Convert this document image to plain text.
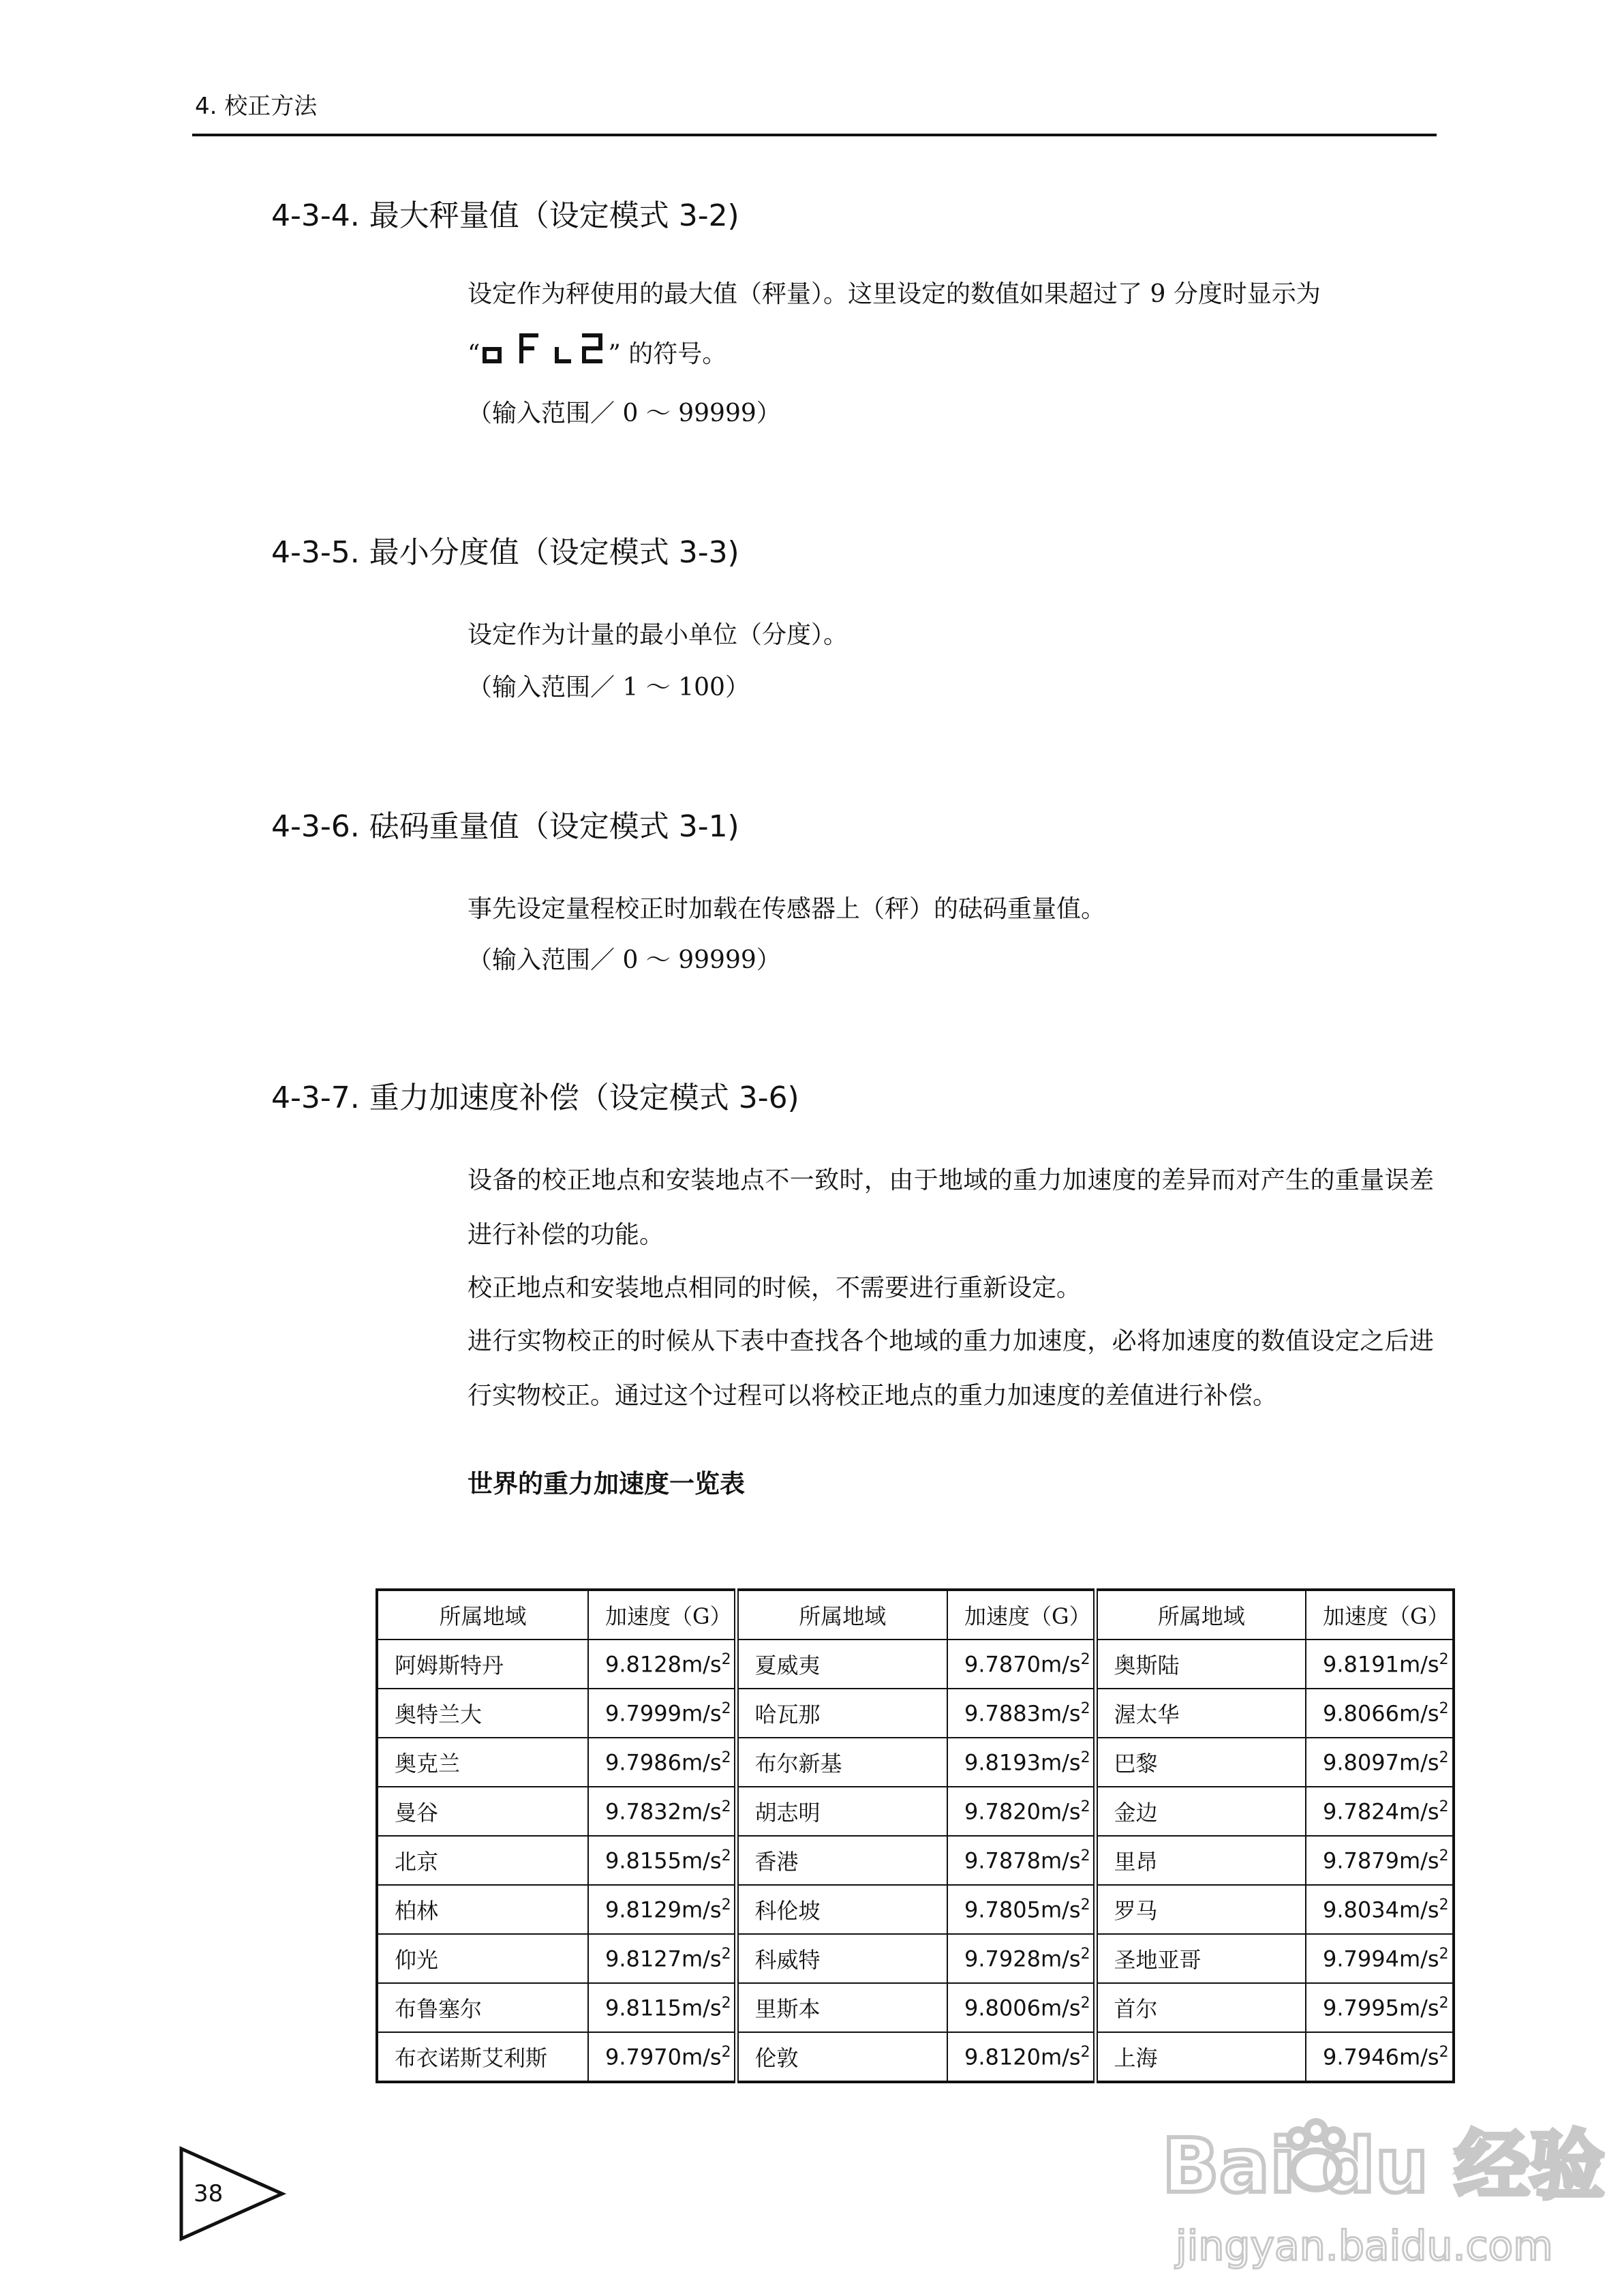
4. 校正方法
4-3-4. 最大秤量值（设定模式 3-2)
设定作为秤使用的最大值（秤量）。这里设定的数值如果超过了 9 分度时显示为
“	” 的符号。
（输入范围／ 0 ～ 99999）
4-3-5. 最小分度值（设定模式 3-3)
设定作为计量的最小单位（分度）。
（输入范围／ 1 ～ 100）
4-3-6. 砝码重量值（设定模式 3-1)
事先设定量程校正时加载在传感器上（秤）的砝码重量值。
（输入范围／ 0 ～ 99999）
4-3-7. 重力加速度补偿（设定模式 3-6)
设备的校正地点和安装地点不一致时，由于地域的重力加速度的差异而对产生的重量误差进行补偿的功能。
校正地点和安装地点相同的时候，不需要进行重新设定。
进行实物校正的时候从下表中查找各个地域的重力加速度，必将加速度的数值设定之后进行实物校正。通过这个过程可以将校正地点的重力加速度的差值进行补偿。
世界的重力加速度一览表
所属地域	加速度（G）	所属地域	加速度（G）	所属地域	加速度（G）
阿姆斯特丹	$9.8128m/s^2$	夏威夷	$9.7870m/s^2$	奥斯陆	$9.8191m/s^2$
奥特兰大	$9.7999m/s^2$	哈瓦那	$9.7883m/s^2$	渥太华	$9.8066m/s^2$
奥克兰	$9.7986m/s^2$	布尔新基	$9.8193m/s^2$	巴黎	$9.8097m/s^2$
曼谷	$9.7832m/s^2$	胡志明	$9.7820m/s^2$	金边	$9.7824m/s^2$
北京	$9.8155m/s^2$	香港	$9.7878m/s^2$	里昂	$9.7879m/s^2$
柏林	$9.8129m/s^2$	科伦坡	$9.7805m/s^2$	罗马	$9.8034m/s^2$
仰光	$9.8127m/s^2$	科威特	$9.7928m/s^2$	圣地亚哥	$9.7994m/s^2$
布鲁塞尔	$9.8115m/s^2$	里斯本	$9.8006m/s^2$	首尔	$9.7995m/s^2$
布衣诺斯艾利斯	$9.7970m/s^2$	伦敦	$9.8120m/s^2$	上海	$9.7946m/s^2$
38	Bai du 经验
jingyan.baidu.com
